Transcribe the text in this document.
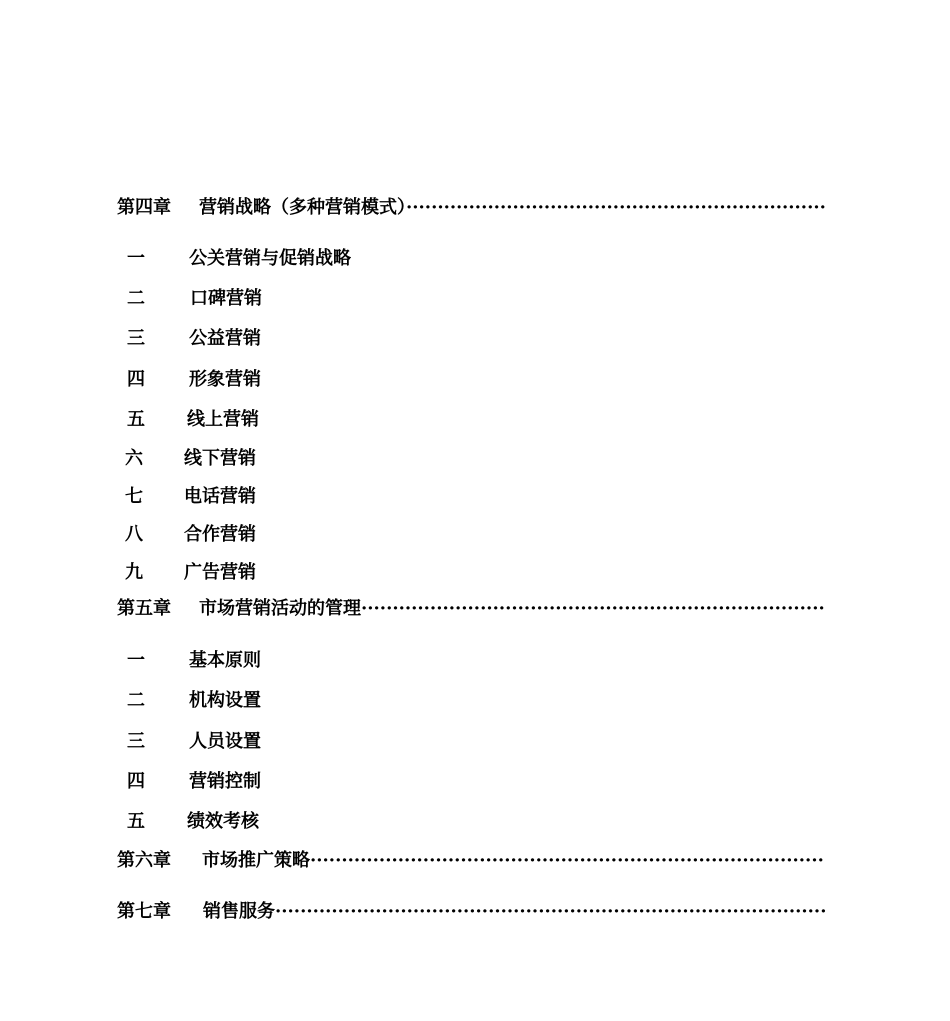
第四章 营销战略（多种营销模式）···································································
一 公关营销与促销战略
二	口碑营销
三 公益营销
四 形象营销
五 线上营销
六 线下营销
七 电话营销
八 合作营销
九 广告营销
第五章 市场营销活动的管理··········································································
一 基本原则
二 机构设置
三 人员设置
四 营销控制
五 绩效考核
第六章 市场推广策略··················································································
第七章 销售服务························································································
